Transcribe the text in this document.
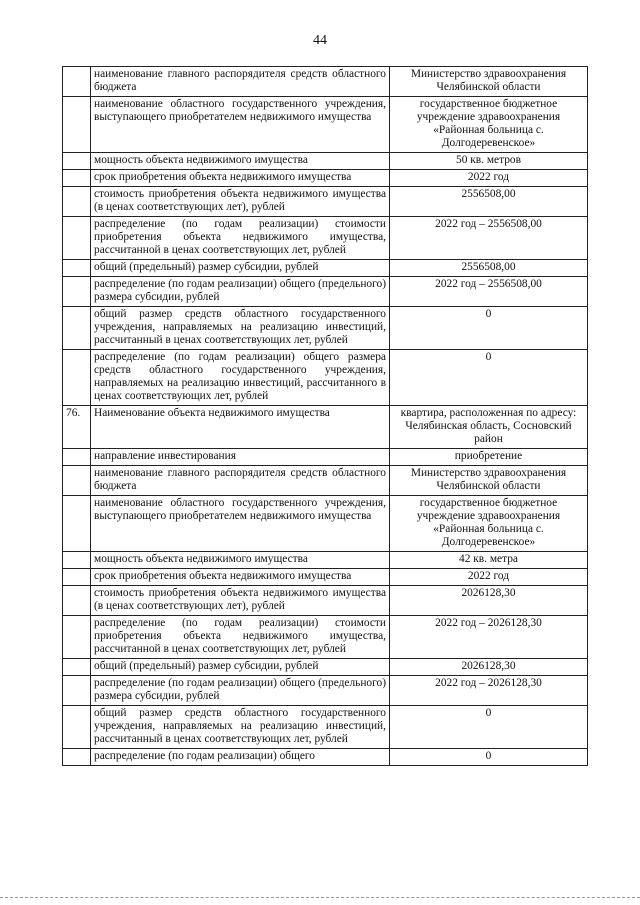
44
	наименование главного распорядителя средств областного бюджета	Министерство здравоохранения Челябинской области
	наименование областного государственного учреждения, выступающего приобретателем недвижимого имущества	государственное бюджетное учреждение здравоохранения «Районная больница с. Долгодеревенское»
	мощность объекта недвижимого имущества	50 кв. метров
	срок приобретения объекта недвижимого имущества	2022 год
	стоимость приобретения объекта недвижимого имущества (в ценах соответствующих лет), рублей	2556508,00
	распределение (по годам реализации) стоимости приобретения объекта недвижимого имущества, рассчитанной в ценах соответствующих лет, рублей	2022 год – 2556508,00
	общий (предельный) размер субсидии, рублей	2556508,00
	распределение (по годам реализации) общего (предельного) размера субсидии, рублей	2022 год – 2556508,00
	общий размер средств областного государственного учреждения, направляемых на реализацию инвестиций, рассчитанный в ценах соответствующих лет, рублей	0
	распределение (по годам реализации) общего размера средств областного государственного учреждения, направляемых на реализацию инвестиций, рассчитанного в ценах соответствующих лет, рублей	0
76.	Наименование объекта недвижимого имущества	квартира, расположенная по адресу: Челябинская область, Сосновский район
	направление инвестирования	приобретение
	наименование главного распорядителя средств областного бюджета	Министерство здравоохранения Челябинской области
	наименование областного государственного учреждения, выступающего приобретателем недвижимого имущества	государственное бюджетное учреждение здравоохранения «Районная больница с. Долгодеревенское»
	мощность объекта недвижимого имущества	42 кв. метра
	срок приобретения объекта недвижимого имущества	2022 год
	стоимость приобретения объекта недвижимого имущества (в ценах соответствующих лет), рублей	2026128,30
	распределение (по годам реализации) стоимости приобретения объекта недвижимого имущества, рассчитанной в ценах соответствующих лет, рублей	2022 год – 2026128,30
	общий (предельный) размер субсидии, рублей	2026128,30
	распределение (по годам реализации) общего (предельного) размера субсидии, рублей	2022 год – 2026128,30
	общий размер средств областного государственного учреждения, направляемых на реализацию инвестиций, рассчитанный в ценах соответствующих лет, рублей	0
	распределение (по годам реализации) общего	0
